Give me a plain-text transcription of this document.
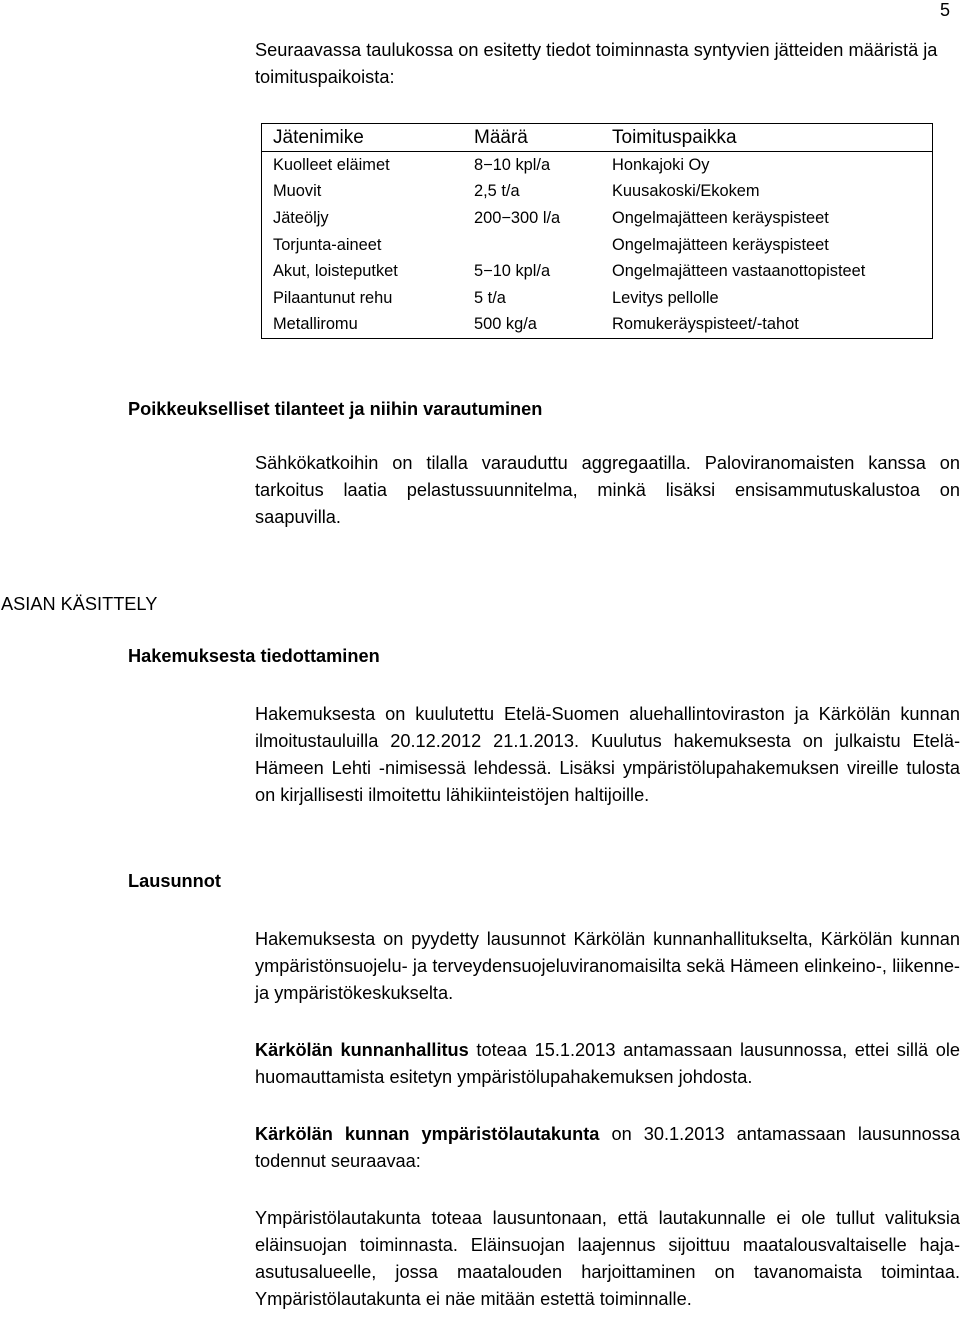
5

Seuraavassa taulukossa on esitetty tiedot toiminnasta syntyvien jätteiden määristä ja toimituspaikoista:

Jätenimike	Määrä	Toimituspaikka
Kuolleet eläimet	8−10 kpl/a	Honkajoki Oy
Muovit	2,5 t/a	Kuusakoski/Ekokem
Jäteöljy	200−300 l/a	Ongelmajätteen keräyspisteet
Torjunta-aineet		Ongelmajätteen keräyspisteet
Akut, loisteputket	5−10 kpl/a	Ongelmajätteen vastaanottopisteet
Pilaantunut rehu	5 t/a	Levitys pellolle
Metalliromu	500 kg/a	Romukeräyspisteet/-tahot
Poikkeukselliset tilanteet ja niihin varautuminen

Sähkökatkoihin on tilalla varauduttu aggregaatilla. Paloviranomaisten kanssa on tarkoitus laatia pelastussuunnitelma, minkä lisäksi ensisammutuskalustoa on saapuvilla.

ASIAN KÄSITTELY
Hakemuksesta tiedottaminen

Hakemuksesta on kuulutettu Etelä-Suomen aluehallintoviraston ja Kärkölän kunnan ilmoitustauluilla 20.12.2012 21.1.2013. Kuulutus hakemuksesta on julkaistu Etelä-Hämeen Lehti -nimisessä lehdessä. Lisäksi ympäristölupahakemuksen vireille tulosta on kirjallisesti ilmoitettu lähikiinteistöjen haltijoille.

Lausunnot

Hakemuksesta on pyydetty lausunnot Kärkölän kunnanhallitukselta, Kärkölän kunnan ympäristönsuojelu- ja terveydensuojeluviranomaisilta sekä Hämeen elinkeino-, liikenne- ja ympäristökeskukselta.

Kärkölän kunnanhallitus toteaa 15.1.2013 antamassaan lausunnossa, ettei sillä ole huomauttamista esitetyn ympäristölupahakemuksen johdosta.

Kärkölän kunnan ympäristölautakunta on 30.1.2013 antamassaan lausunnossa todennut seuraavaa:

Ympäristölautakunta toteaa lausuntonaan, että lautakunnalle ei ole tullut valituksia eläinsuojan toiminnasta. Eläinsuojan laajennus sijoittuu maatalousvaltaiselle haja-asutusalueelle, jossa maatalouden harjoittaminen on tavanomaista toimintaa. Ympäristölautakunta ei näe mitään estettä toiminnalle.
